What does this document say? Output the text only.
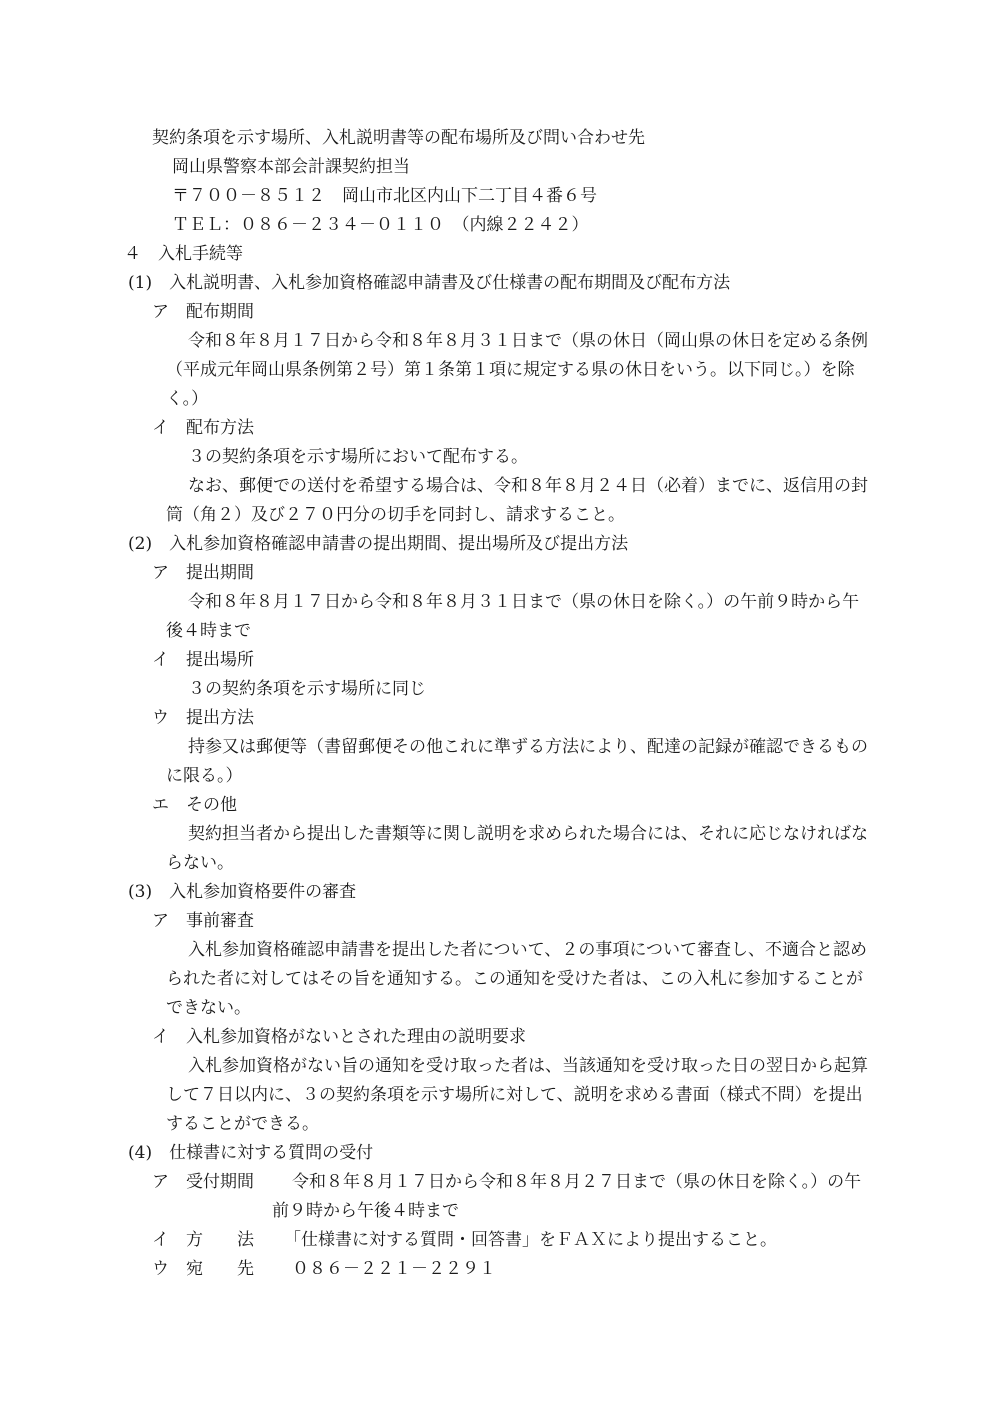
契約条項を示す場所、入札説明書等の配布場所及び問い合わせ先
岡山県警察本部会計課契約担当
〒７００－８５１２　岡山市北区内山下二丁目４番６号
ＴＥＬ：０８６－２３４－０１１０　（内線２２４２）
４　入札手続等
(1)　入札説明書、入札参加資格確認申請書及び仕様書の配布期間及び配布方法
ア　配布期間
令和８年８月１７日から令和８年８月３１日まで（県の休日（岡山県の休日を定める条例
（平成元年岡山県条例第２号）第１条第１項に規定する県の休日をいう。以下同じ。）を除
く。）
イ　配布方法
３の契約条項を示す場所において配布する。
なお、郵便での送付を希望する場合は、令和８年８月２４日（必着）までに、返信用の封
筒（角２）及び２７０円分の切手を同封し、請求すること。
(2)　入札参加資格確認申請書の提出期間、提出場所及び提出方法
ア　提出期間
令和８年８月１７日から令和８年８月３１日まで（県の休日を除く。）の午前９時から午
後４時まで
イ　提出場所
３の契約条項を示す場所に同じ
ウ　提出方法
持参又は郵便等（書留郵便その他これに準ずる方法により、配達の記録が確認できるもの
に限る。）
エ　その他
契約担当者から提出した書類等に関し説明を求められた場合には、それに応じなければな
らない。
(3)　入札参加資格要件の審査
ア　事前審査
入札参加資格確認申請書を提出した者について、２の事項について審査し、不適合と認め
られた者に対してはその旨を通知する。この通知を受けた者は、この入札に参加することが
できない。
イ　入札参加資格がないとされた理由の説明要求
入札参加資格がない旨の通知を受け取った者は、当該通知を受け取った日の翌日から起算
して７日以内に、３の契約条項を示す場所に対して、説明を求める書面（様式不問）を提出
することができる。
(4)　仕様書に対する質問の受付
ア　受付期間 令和８年８月１７日から令和８年８月２７日まで（県の休日を除く。）の午
前９時から午後４時まで
イ　方　　法 「仕様書に対する質問・回答書」をＦＡＸにより提出すること。
ウ　宛　　先 ０８６－２２１－２２９１
